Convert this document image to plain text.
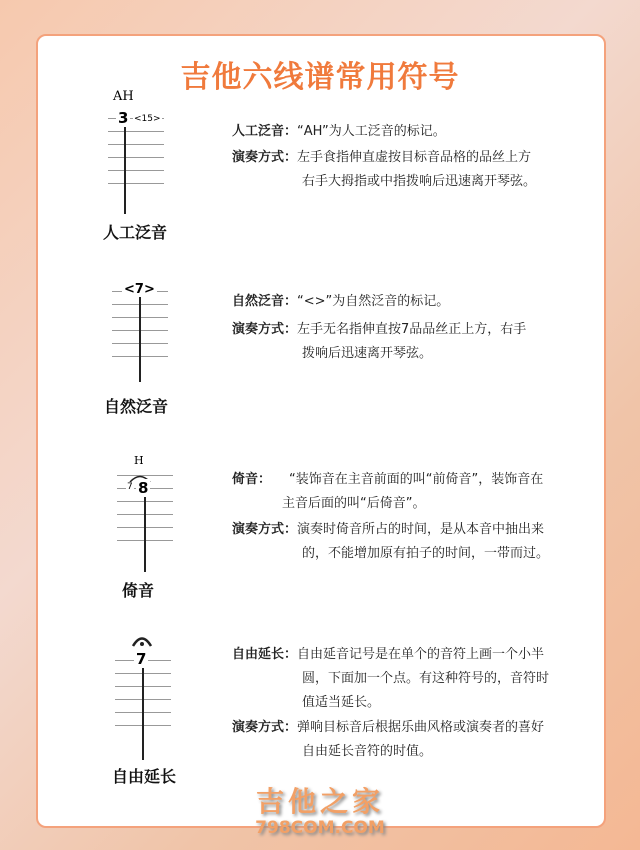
吉他六线谱常用符号
AH
3 <15>
人工泛音
人工泛音：“AH”为人工泛音的标记。
演奏方式：左手食指伸直虚按目标音品格的品丝上方
右手大拇指或中指拨响后迅速离开琴弦。
<7>
自然泛音
自然泛音：“<>”为自然泛音的标记。
演奏方式：左手无名指伸直按7品品丝正上方，右手
拨响后迅速离开琴弦。
H
7 8
倚音
倚音： “装饰音在主音前面的叫“前倚音”，装饰音在
主音后面的叫“后倚音”。
演奏方式：演奏时倚音所占的时间，是从本音中抽出来
的，不能增加原有拍子的时间，一带而过。
7
自由延长
自由延长：自由延音记号是在单个的音符上画一个小半
圆，下面加一个点。有这种符号的，音符时
值适当延长。
演奏方式：弹响目标音后根据乐曲风格或演奏者的喜好
自由延长音符的时值。
吉他之家
798COM.COM
